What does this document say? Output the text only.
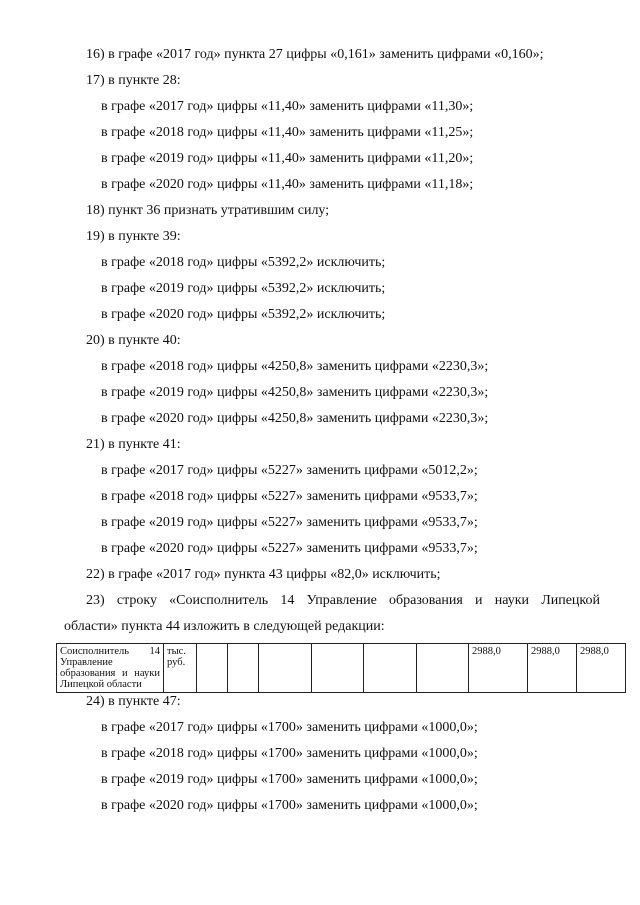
16) в графе «2017 год» пункта 27 цифры «0,161» заменить цифрами «0,160»;
17) в пункте 28:
в графе «2017 год» цифры «11,40» заменить цифрами «11,30»;
в графе «2018 год» цифры «11,40» заменить цифрами «11,25»;
в графе «2019 год» цифры «11,40» заменить цифрами «11,20»;
в графе «2020 год» цифры «11,40» заменить цифрами «11,18»;
18) пункт 36 признать утратившим силу;
19) в пункте 39:
в графе «2018 год» цифры «5392,2» исключить;
в графе «2019 год» цифры «5392,2» исключить;
в графе «2020 год» цифры «5392,2» исключить;
20) в пункте 40:
в графе «2018 год» цифры «4250,8» заменить цифрами «2230,3»;
в графе «2019 год» цифры «4250,8» заменить цифрами «2230,3»;
в графе «2020 год» цифры «4250,8» заменить цифрами «2230,3»;
21) в пункте 41:
в графе «2017 год» цифры «5227» заменить цифрами «5012,2»;
в графе «2018 год» цифры «5227» заменить цифрами «9533,7»;
в графе «2019 год» цифры «5227» заменить цифрами «9533,7»;
в графе «2020 год» цифры «5227» заменить цифрами «9533,7»;
22) в графе «2017 год» пункта 43 цифры «82,0» исключить;
23) строку «Соисполнитель 14 Управление образования и науки Липецкой
области» пункта 44 изложить в следующей редакции:
Соисполнитель 14
Управление образования и науки Липецкой области
	тыс. руб.							2988,0	2988,0	2988,0
24) в пункте 47:
в графе «2017 год» цифры «1700» заменить цифрами «1000,0»;
в графе «2018 год» цифры «1700» заменить цифрами «1000,0»;
в графе «2019 год» цифры «1700» заменить цифрами «1000,0»;
в графе «2020 год» цифры «1700» заменить цифрами «1000,0»;
